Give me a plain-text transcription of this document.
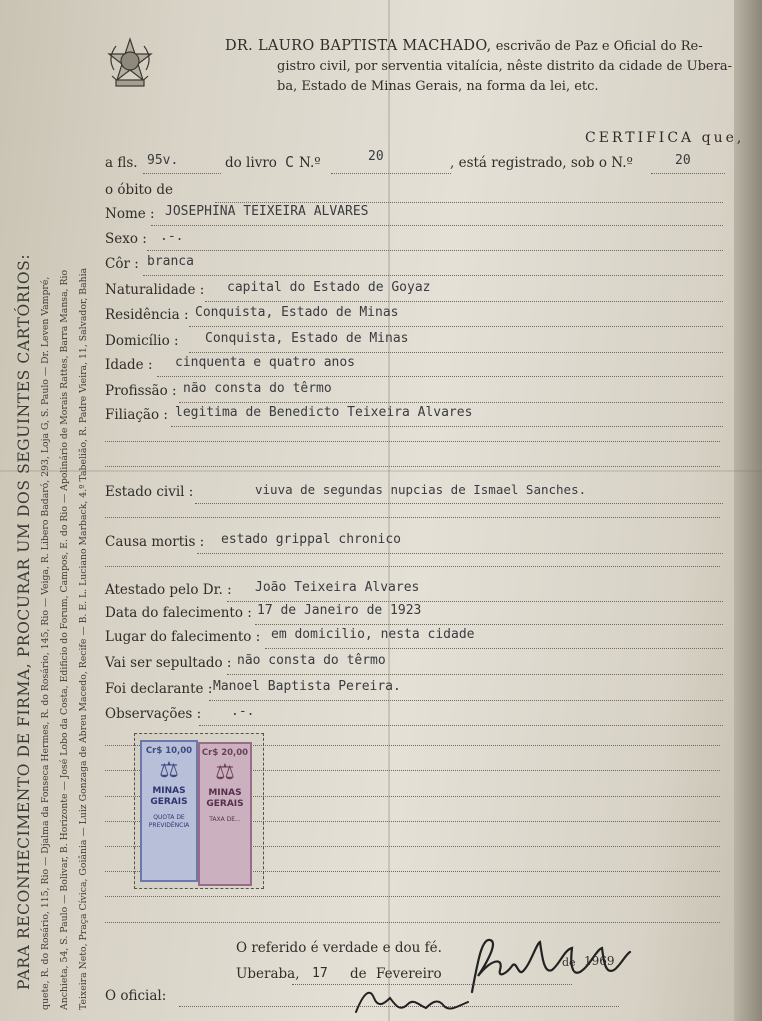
PARA RECONHECIMENTO DE FIRMA, PROCURAR UM DOS SEGUINTES CARTÓRIOS: quete, R. do Rosário, 115, Rio — Djalma da Fonseca Hermes, R. do Rosário, 145, Rio — Veiga, R. Libero Badaró, 293, Loja G, S. Paulo — Dr. Leven Vampré, Anchieta, 54, S. Paulo — Bolivar, B. Horizonte — José Lobo da Costa, Edificio do Forum, Campos, E. do Rio — Apolinário de Morais Rattes, Barra Mansa, Rio Teixeira Neto, Praça Cívica, Goiânia — Luiz Gonzaga de Abreu Macedo, Recife — B. E. L. Luciano Marback, 4.º Tabelião, R. Padre Vieira, 11, Salvador, Bahia
DR. LAURO BAPTISTA MACHADO, escrivão de Paz e Oficial do Re-
gistro civil, por serventia vitalícia, nêste distrito da cidade de Ubera-
ba, Estado de Minas Gerais, na forma da lei, etc.
CERTIFICA que,
a fls. 95v.	do livro C N.º	20	, está registrado, sob o N.º	20
o óbito de
Nome : JOSEPHINA TEIXEIRA ALVARES
Sexo : .-.
Côr : branca
Naturalidade : capital do Estado de Goyaz
Residência : Conquista, Estado de Minas
Domicílio : Conquista, Estado de Minas
Idade : cinquenta e quatro anos
Profissão : não consta do têrmo
Filiação : legitima de Benedicto Teixeira Alvares
Estado civil :	viuva de segundas nupcias de Ismael Sanches.
Causa mortis : estado grippal chronico
Atestado pelo Dr. : João Teixeira Alvares
Data do falecimento : 17 de Janeiro de 1923
Lugar do falecimento : em domicilio, nesta cidade
Vai ser sepultado : não consta do têrmo
Foi declarante : Manoel Baptista Pereira.
Observações : .-.
Cr$ 10,00
⚖
MINAS GERAIS
QUOTA DE PREVIDÊNCIA
Cr$ 20,00
⚖
MINAS GERAIS
TAXA DE...
O referido é verdade e dou fé.
Uberaba, 17 de Fevereiro
de 1969
O oficial:
